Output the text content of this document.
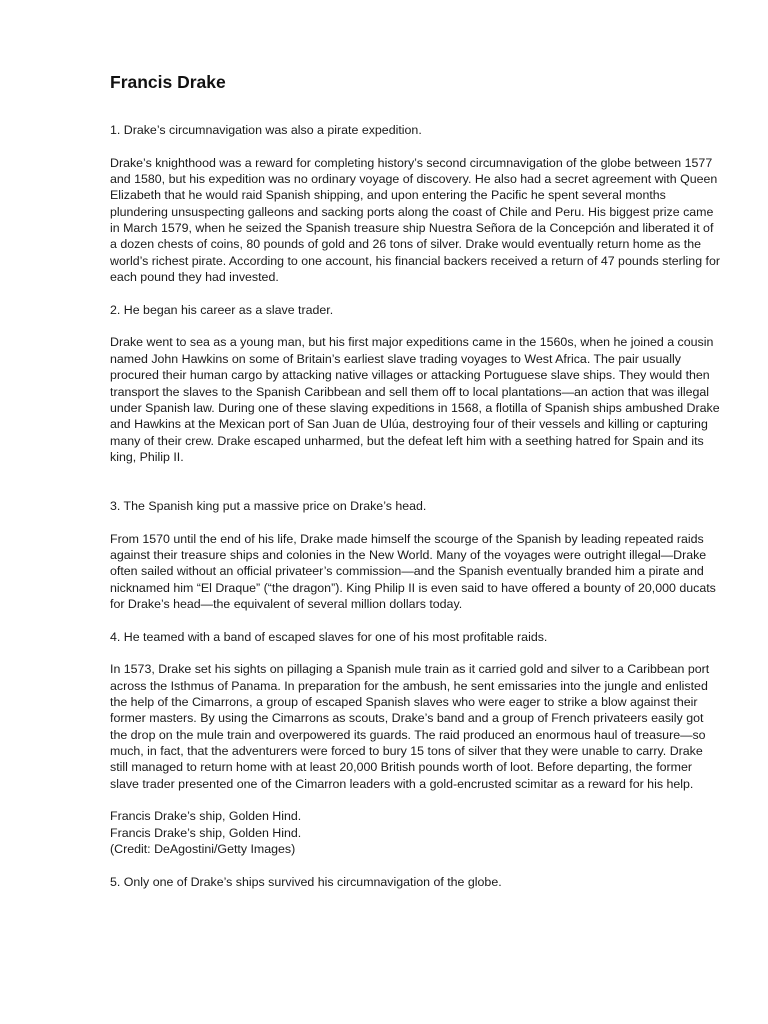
Francis Drake

1. Drake’s circumnavigation was also a pirate expedition.

Drake’s knighthood was a reward for completing history’s second circumnavigation of the globe between 1577 and 1580, but his expedition was no ordinary voyage of discovery. He also had a secret agreement with Queen Elizabeth that he would raid Spanish shipping, and upon entering the Pacific he spent several months plundering unsuspecting galleons and sacking ports along the coast of Chile and Peru. His biggest prize came in March 1579, when he seized the Spanish treasure ship Nuestra Señora de la Concepción and liberated it of a dozen chests of coins, 80 pounds of gold and 26 tons of silver. Drake would eventually return home as the world’s richest pirate. According to one account, his financial backers received a return of 47 pounds sterling for each pound they had invested.

2. He began his career as a slave trader.

Drake went to sea as a young man, but his first major expeditions came in the 1560s, when he joined a cousin named John Hawkins on some of Britain’s earliest slave trading voyages to West Africa. The pair usually procured their human cargo by attacking native villages or attacking Portuguese slave ships. They would then transport the slaves to the Spanish Caribbean and sell them off to local plantations—an action that was illegal under Spanish law. During one of these slaving expeditions in 1568, a flotilla of Spanish ships ambushed Drake and Hawkins at the Mexican port of San Juan de Ulúa, destroying four of their vessels and killing or capturing many of their crew. Drake escaped unharmed, but the defeat left him with a seething hatred for Spain and its king, Philip II.

3. The Spanish king put a massive price on Drake’s head.

From 1570 until the end of his life, Drake made himself the scourge of the Spanish by leading repeated raids against their treasure ships and colonies in the New World. Many of the voyages were outright illegal—Drake often sailed without an official privateer’s commission—and the Spanish eventually branded him a pirate and nicknamed him “El Draque” (“the dragon”). King Philip II is even said to have offered a bounty of 20,000 ducats for Drake’s head—the equivalent of several million dollars today.

4. He teamed with a band of escaped slaves for one of his most profitable raids.

In 1573, Drake set his sights on pillaging a Spanish mule train as it carried gold and silver to a Caribbean port across the Isthmus of Panama. In preparation for the ambush, he sent emissaries into the jungle and enlisted the help of the Cimarrons, a group of escaped Spanish slaves who were eager to strike a blow against their former masters. By using the Cimarrons as scouts, Drake’s band and a group of French privateers easily got the drop on the mule train and overpowered its guards. The raid produced an enormous haul of treasure—so much, in fact, that the adventurers were forced to bury 15 tons of silver that they were unable to carry. Drake still managed to return home with at least 20,000 British pounds worth of loot. Before departing, the former slave trader presented one of the Cimarron leaders with a gold-encrusted scimitar as a reward for his help.

Francis Drake’s ship, Golden Hind.

Francis Drake’s ship, Golden Hind.

(Credit: DeAgostini/Getty Images)

5. Only one of Drake’s ships survived his circumnavigation of the globe.
